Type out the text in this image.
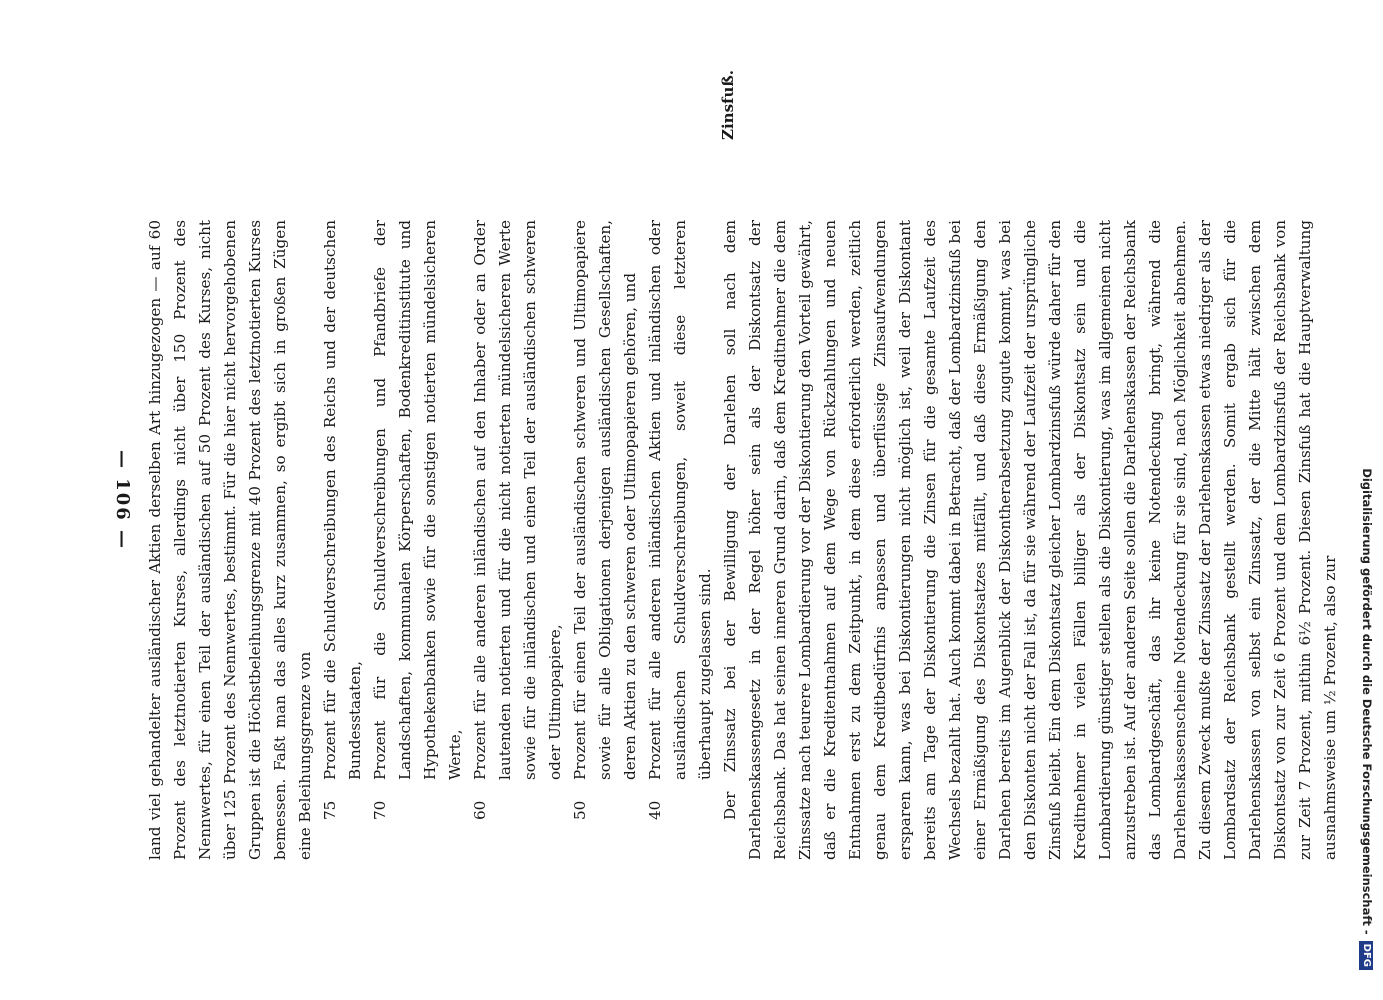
— 106 —
Zinsfuß.

land viel gehandelter ausländischer Aktien derselben Art hinzugezogen — auf 60 Prozent des letztnotierten Kurses, allerdings nicht über 150 Prozent des Nennwertes, für einen Teil der ausländischen auf 50 Prozent des Kurses, nicht über 125 Prozent des Nennwertes, bestimmt. Für die hier nicht hervorgehobenen Gruppen ist die Höchstbeleihungsgrenze mit 40 Prozent des letztnotierten Kurses bemessen. Faßt man das alles kurz zusammen, so ergibt sich in großen Zügen eine Beleihungsgrenze von 75
Prozent für die Schuldverschreibungen des Reichs und der deutschen Bundesstaaten,
70
Prozent für die Schuldverschreibungen und Pfandbriefe der Landschaften, kommunalen Körperschaften, Bodenkreditinstitute und Hypothekenbanken sowie für die sonstigen notierten mündelsicheren Werte,
60
Prozent für alle anderen inländischen auf den Inhaber oder an Order lautenden notierten und für die nicht notierten mündelsicheren Werte sowie für die inländischen und einen Teil der ausländischen schweren oder Ultimopapiere,
50
Prozent für einen Teil der ausländischen schweren und Ultimopapiere sowie für alle Obligationen derjenigen ausländischen Gesellschaften, deren Aktien zu den schweren oder Ultimopapieren gehören, und
40
Prozent für alle anderen inländischen Aktien und inländischen oder ausländischen Schuldverschreibungen, soweit diese letzteren überhaupt zugelassen sind. Der Zinssatz bei der Bewilligung der Darlehen soll nach dem Darlehenskassengesetz in der Regel höher sein als der Diskontsatz der Reichsbank. Das hat seinen inneren Grund darin, daß dem Kreditnehmer die dem Zinssatze nach teurere Lombardierung vor der Diskontierung den Vorteil gewährt, daß er die Kreditentnahmen auf dem Wege von Rückzahlungen und neuen Entnahmen erst zu dem Zeitpunkt, in dem diese erforderlich werden, zeitlich genau dem Kreditbedürfnis anpassen und überflüssige Zinsaufwendungen ersparen kann, was bei Diskontierungen nicht möglich ist, weil der Diskontant bereits am Tage der Diskontierung die Zinsen für die gesamte Laufzeit des Wechsels bezahlt hat. Auch kommt dabei in Betracht, daß der Lombardzinsfuß bei einer Ermäßigung des Diskontsatzes mitfällt, und daß diese Ermäßigung den Darlehen bereits im Augenblick der Diskontherabsetzung zugute kommt, was bei den Diskonten nicht der Fall ist, da für sie während der Laufzeit der ursprüngliche Zinsfuß bleibt. Ein dem Diskontsatz gleicher Lombardzinsfuß würde daher für den Kreditnehmer in vielen Fällen billiger als der Diskontsatz sein und die Lombardierung günstiger stellen als die Diskontierung, was im allgemeinen nicht anzustreben ist. Auf der anderen Seite sollen die Darlehenskassen der Reichsbank das Lombardgeschäft, das ihr keine Notendeckung bringt, während die Darlehenskassenscheine Notendeckung für sie sind, nach Möglichkeit abnehmen. Zu diesem Zweck mußte der Zinssatz der Darlehenskassen etwas niedriger als der Lombardsatz der Reichsbank gestellt werden. Somit ergab sich für die Darlehenskassen von selbst ein Zinssatz, der die Mitte hält zwischen dem Diskontsatz von zur Zeit 6 Prozent und dem Lombardzinsfuß der Reichsbank von zur Zeit 7 Prozent, mithin 6½ Prozent. Diesen Zinsfuß hat die Hauptverwaltung ausnahmsweise um ½ Prozent, also zur	Digitalisierung gefördert durch die Deutsche Forschungsgemeinschaft -DFG
